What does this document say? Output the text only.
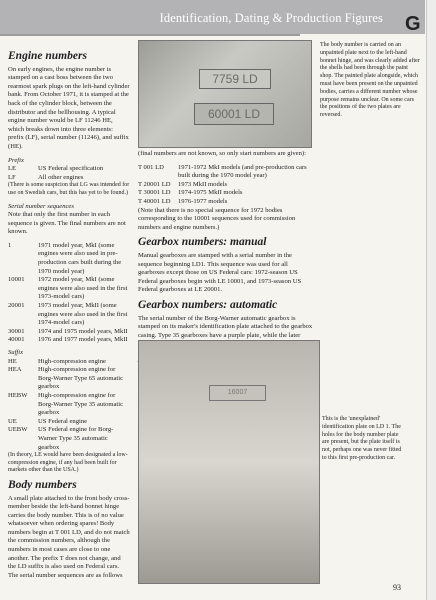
Identification, Dating & Production Figures G
Engine numbers

On early engines, the engine number is stamped on a cast boss between the two rearmost spark plugs on the left-hand cylinder bank. From October 1971, it is stamped at the back of the cylinder block, between the distributor and the bellhousing. A typical engine number would be LF 11246 HE, which breaks down into three elements: prefix (LF), serial number (11246), and suffix (HE).

Prefix
LE	US Federal specification
LF	All other engines

(There is some suspicion that LG was intended for use on Swedish cars, but this has yet to be found.)

Serial number sequences

Note that only the first number in each sequence is given. The final numbers are not known.

1	1971 model year, MkI (some engines were also used in pre-production cars built during the 1970 model year)
10001	1972 model year, MkI (some engines were also used in the first 1973-model cars)
20001	1973 model year, MkII (some engines were also used in the first 1974-model cars)
30001	1974 and 1975 model years, MkII
40001	1976 and 1977 model years, MkII
Suffix
HE	High-compression engine
HEA	High-compression engine for Borg-Warner Type 65 automatic gearbox
HEBW	High-compression engine for Borg-Warner Type 35 automatic gearbox
UE	US Federal engine
UEBW	US Federal engine for Borg-Warner Type 35 automatic gearbox

(In theory, LE would have been designated a low-compression engine, if any had been built for markets other than the USA.)

Body numbers

A small plate attached to the front body cross-member beside the left-hand bonnet hinge carries the body number. This is of no value whatsoever when ordering spares! Body numbers begin at T 001 LD, and do not match the commission numbers, although the numbers in most cases are close to one another. The prefix T does not change, and the LD suffix is also used on Federal cars. The serial number sequences are as follows

7759 LD
60001 LD

(final numbers are not known, so only start numbers are given):

T 001 LD	1971-1972 MkI models (and pre-production cars built during the 1970 model year)
T 20001 LD	1973 MkII models
T 30001 LD	1974-1975 MkII models
T 40001 LD	1976-1977 models

(Note that there is no special sequence for 1972 bodies corresponding to the 10001 sequences used for commission numbers and engine numbers.)

Gearbox numbers: manual

Manual gearboxes are stamped with a serial number in the sequence beginning LD1. This sequence was used for all gearboxes except those on US Federal cars: 1972-season US Federal gearboxes begin with LE 10001, and 1973-season US Federal gearboxes at LE 20001.

Gearbox numbers: automatic

The serial number of the Borg-Warner automatic gearbox is stamped on its maker's identification plate attached to the gearbox casing. Type 35 gearboxes have a purple plate, while the later

The body number is carried on an unpainted plate next to the left-hand bonnet hinge, and was clearly added after the shells had been through the paint shop. The painted plate alongside, which must have been present on the unpainted bodies, carries a different number whose purpose remains unclear. On some cars the positions of the two plates are reversed.
16007
This is the 'unexplained' identification plate on LD 1. The holes for the body number plate are present, but the plate itself is not, perhaps one was never fitted to this first pre-production car.
93
